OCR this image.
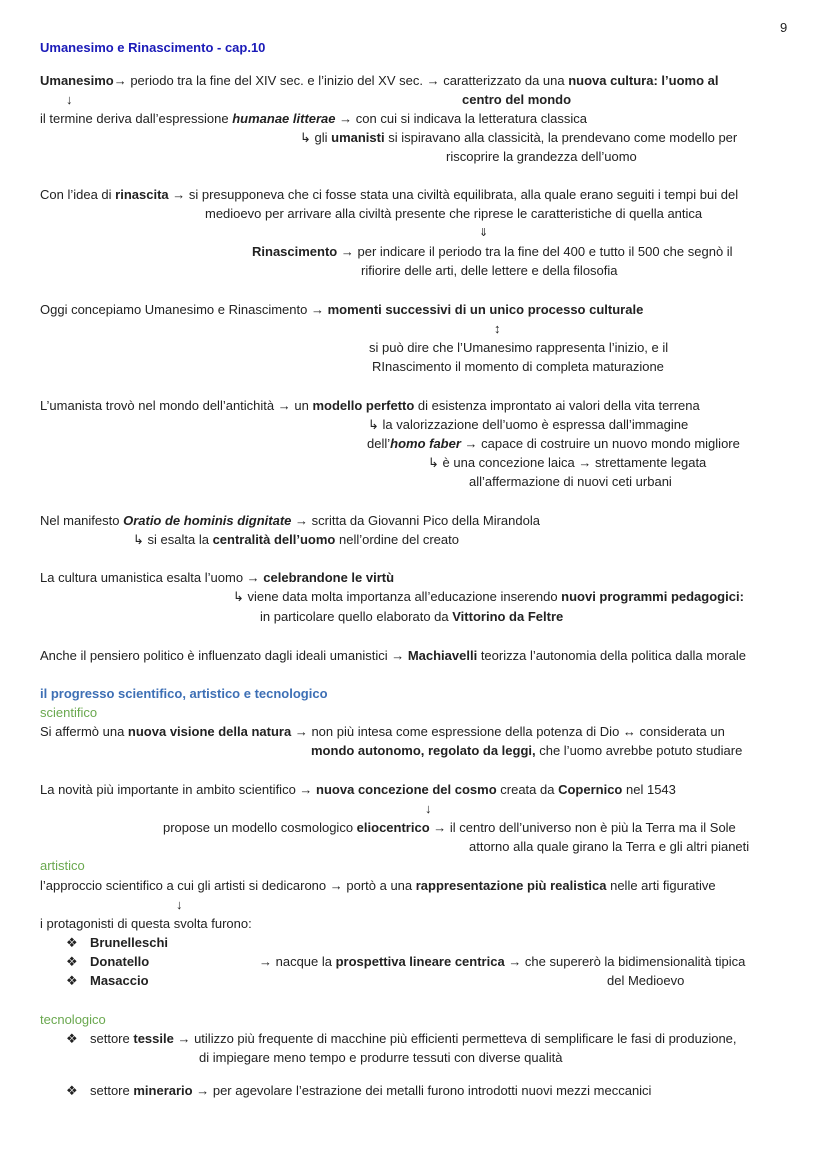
9
Umanesimo e Rinascimento - cap.10
Umanesimo→ periodo tra la fine del XIV sec. e l’inizio del XV sec. → caratterizzato da una nuova cultura: l’uomo al
↓	centro del mondo
il termine deriva dall’espressione humanae litterae → con cui si indicava la letteratura classica
↳ gli umanisti si ispiravano alla classicità, la prendevano come modello per
riscoprire la grandezza dell’uomo
Con l’idea di rinascita → si presupponeva che ci fosse stata una civiltà equilibrata, alla quale erano seguiti i tempi bui del
medioevo per arrivare alla civiltà presente che riprese le caratteristiche di quella antica
⇓
Rinascimento → per indicare il periodo tra la fine del 400 e tutto il 500 che segnò il
rifiorire delle arti, delle lettere e della filosofia
Oggi concepiamo Umanesimo e Rinascimento → momenti successivi di un unico processo culturale
↕
si può dire che l’Umanesimo rappresenta l’inizio, e il
RInascimento il momento di completa maturazione
L’umanista trovò nel mondo dell’antichità → un modello perfetto di esistenza improntato ai valori della vita terrena
↳ la valorizzazione dell’uomo è espressa dall’immagine
dell’homo faber → capace di costruire un nuovo mondo migliore
↳ è una concezione laica → strettamente legata
all’affermazione di nuovi ceti urbani
Nel manifesto Oratio de hominis dignitate → scritta da Giovanni Pico della Mirandola
↳ si esalta la centralità dell’uomo nell’ordine del creato
La cultura umanistica esalta l’uomo → celebrandone le virtù
↳ viene data molta importanza all’educazione inserendo nuovi programmi pedagogici:
in particolare quello elaborato da Vittorino da Feltre
Anche il pensiero politico è influenzato dagli ideali umanistici → Machiavelli teorizza l’autonomia della politica dalla morale
il progresso scientifico, artistico e tecnologico
scientifico
Si affermò una nuova visione della natura → non più intesa come espressione della potenza di Dio ↔ considerata un
mondo autonomo, regolato da leggi, che l’uomo avrebbe potuto studiare
La novità più importante in ambito scientifico → nuova concezione del cosmo creata da Copernico nel 1543
↓
propose un modello cosmologico eliocentrico → il centro dell’universo non è più la Terra ma il Sole
attorno alla quale girano la Terra e gli altri pianeti
artistico
l’approccio scientifico a cui gli artisti si dedicarono → portò a una rappresentazione più realistica nelle arti figurative
↓
i protagonisti di questa svolta furono:
❖ Brunelleschi
❖ Donatello
❖ Masaccio
→ nacque la prospettiva lineare centrica → che supererò la bidimensionalità tipica
del Medioevo
tecnologico
❖ settore tessile → utilizzo più frequente di macchine più efficienti permetteva di semplificare le fasi di produzione,
di impiegare meno tempo e produrre tessuti con diverse qualità
❖ settore minerario → per agevolare l’estrazione dei metalli furono introdotti nuovi mezzi meccanici
